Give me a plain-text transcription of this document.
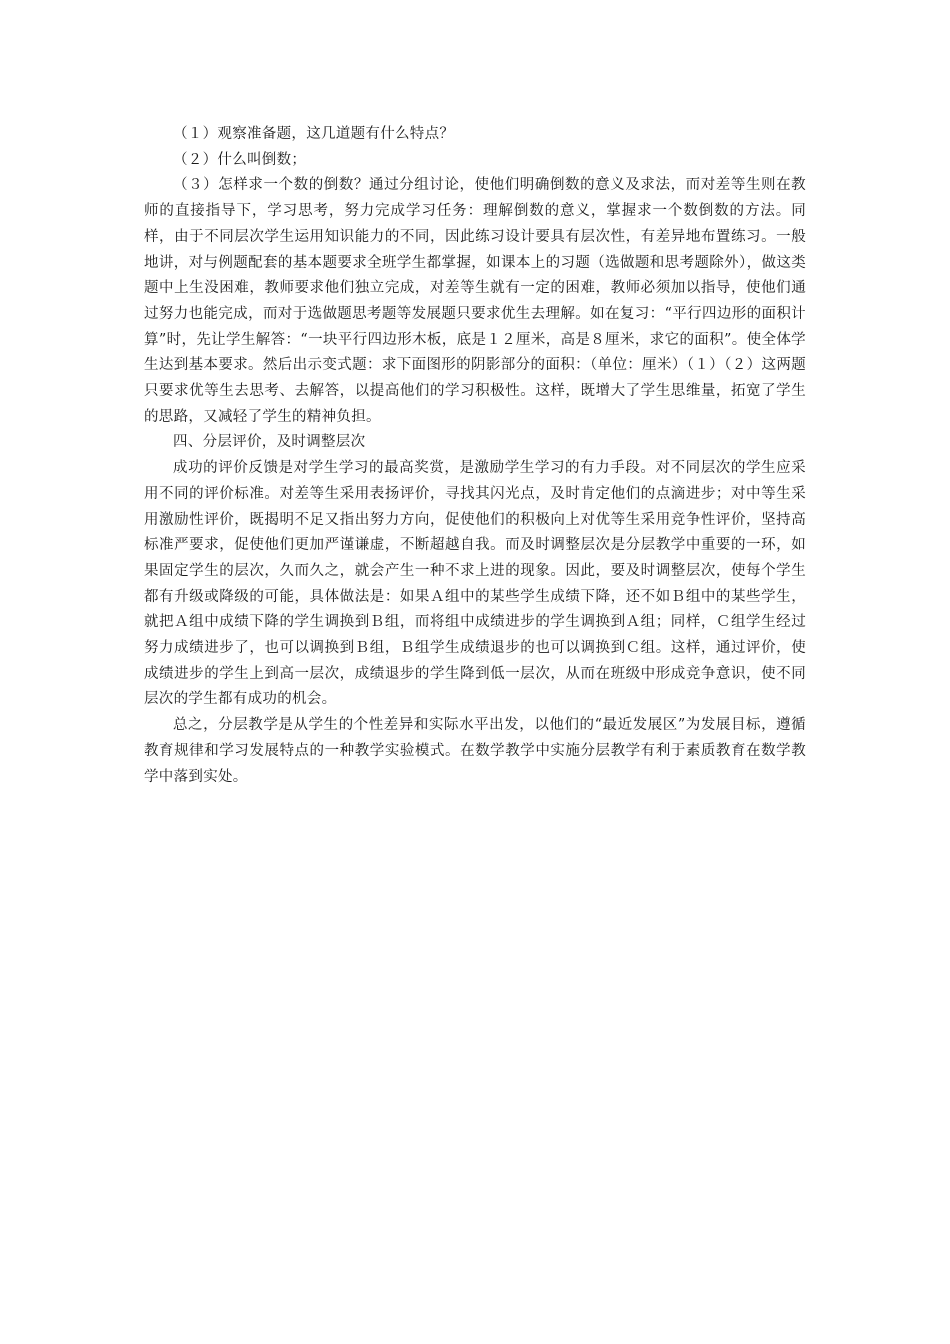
（１）观察准备题，这几道题有什么特点？

（２）什么叫倒数；

（３）怎样求一个数的倒数？通过分组讨论，使他们明确倒数的意义及求法，而对差等生则在教师的直接指导下，学习思考，努力完成学习任务：理解倒数的意义，掌握求一个数倒数的方法。同样，由于不同层次学生运用知识能力的不同，因此练习设计要具有层次性，有差异地布置练习。一般地讲，对与例题配套的基本题要求全班学生都掌握，如课本上的习题（选做题和思考题除外），做这类题中上生没困难，教师要求他们独立完成，对差等生就有一定的困难，教师必须加以指导，使他们通过努力也能完成，而对于选做题思考题等发展题只要求优生去理解。如在复习：“平行四边形的面积计算”时，先让学生解答：“一块平行四边形木板，底是１２厘米，高是８厘米，求它的面积”。使全体学生达到基本要求。然后出示变式题：求下面图形的阴影部分的面积：（单位：厘米）（１）（２）这两题只要求优等生去思考、去解答，以提高他们的学习积极性。这样，既增大了学生思维量，拓宽了学生的思路，又减轻了学生的精神负担。

四、分层评价，及时调整层次

成功的评价反馈是对学生学习的最高奖赏，是激励学生学习的有力手段。对不同层次的学生应采用不同的评价标准。对差等生采用表扬评价，寻找其闪光点，及时肯定他们的点滴进步；对中等生采用激励性评价，既揭明不足又指出努力方向，促使他们的积极向上对优等生采用竞争性评价，坚持高标准严要求，促使他们更加严谨谦虚，不断超越自我。而及时调整层次是分层教学中重要的一环，如果固定学生的层次，久而久之，就会产生一种不求上进的现象。因此，要及时调整层次，使每个学生都有升级或降级的可能，具体做法是：如果Ａ组中的某些学生成绩下降，还不如Ｂ组中的某些学生，就把Ａ组中成绩下降的学生调换到Ｂ组，而将组中成绩进步的学生调换到Ａ组；同样，Ｃ组学生经过努力成绩进步了，也可以调换到Ｂ组，Ｂ组学生成绩退步的也可以调换到Ｃ组。这样，通过评价，使成绩进步的学生上到高一层次，成绩退步的学生降到低一层次，从而在班级中形成竞争意识，使不同层次的学生都有成功的机会。

总之，分层教学是从学生的个性差异和实际水平出发，以他们的“最近发展区”为发展目标，遵循教育规律和学习发展特点的一种教学实验模式。在数学教学中实施分层教学有利于素质教育在数学教学中落到实处。
